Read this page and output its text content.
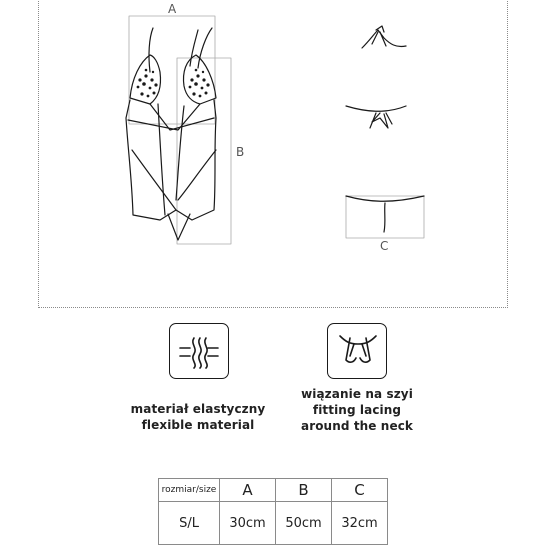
A
B
C
materiał elastyczny
flexible material
wiązanie na szyi
fitting lacing
around the neck
rozmiar/size	A	B	C
S/L	30cm	50cm	32cm
